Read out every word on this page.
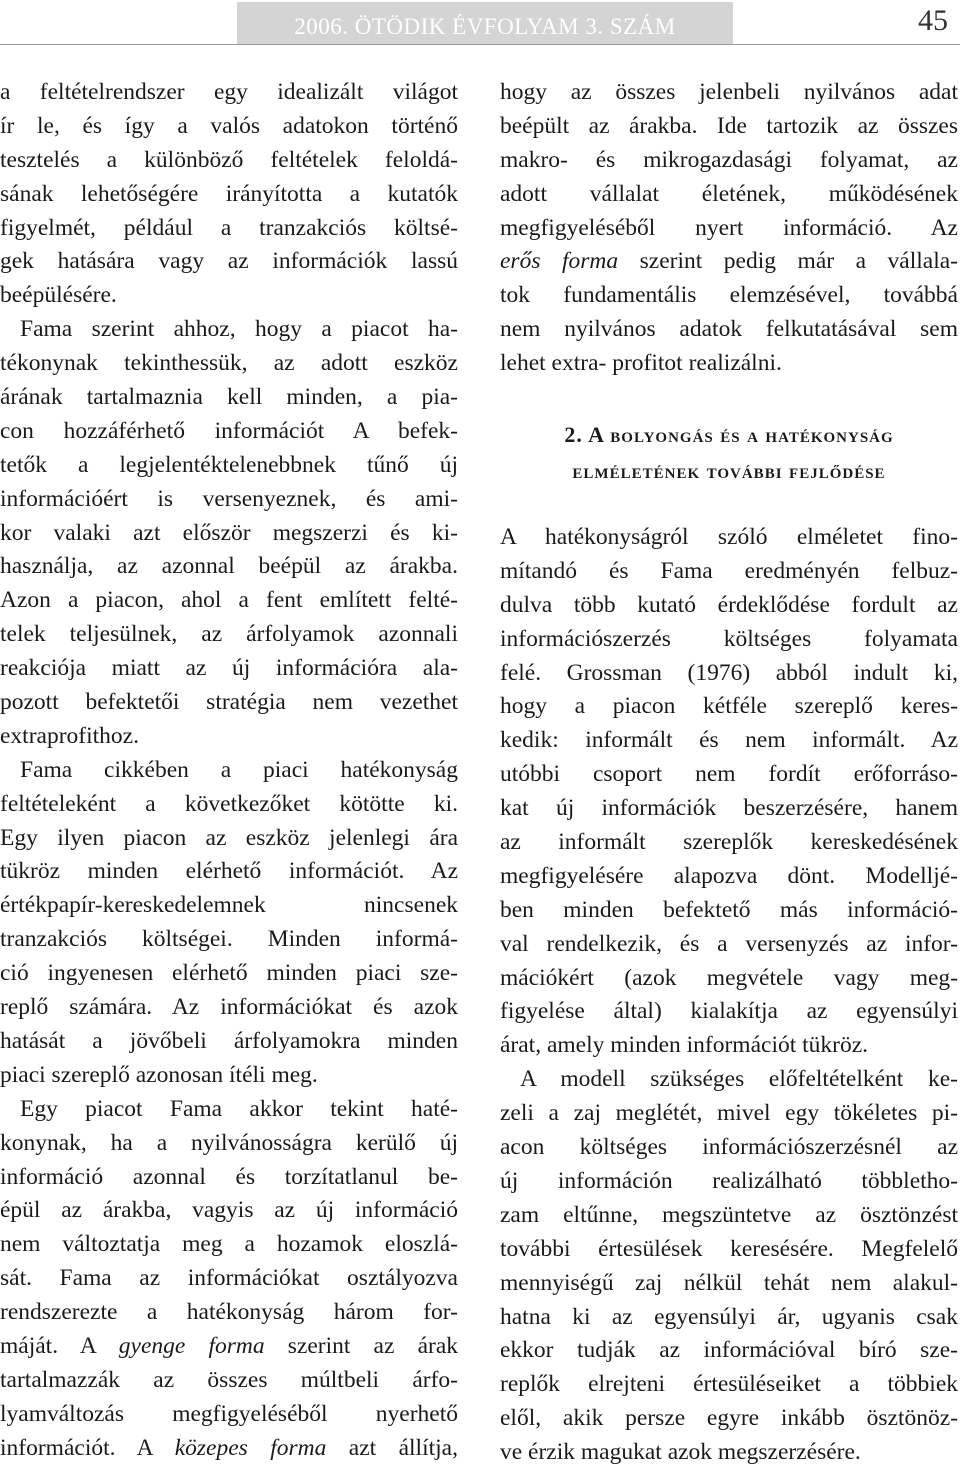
2006. ÖTÖDIK ÉVFOLYAM 3. SZÁM	45
a feltételrendszer egy idealizált világot
ír le, és így a valós adatokon történő
tesztelés a különböző feltételek feloldá-
sának lehetőségére irányította a kutatók
figyelmét, például a tranzakciós költsé-
gek hatására vagy az információk lassú
beépülésére.
Fama szerint ahhoz, hogy a piacot ha-
tékonynak tekinthessük, az adott eszköz
árának tartalmaznia kell minden, a pia-
con hozzáférhető információt A befek-
tetők a legjelentéktelenebbnek tűnő új
információért is versenyeznek, és ami-
kor valaki azt először megszerzi és ki-
használja, az azonnal beépül az árakba.
Azon a piacon, ahol a fent említett felté-
telek teljesülnek, az árfolyamok azonnali
reakciója miatt az új információra ala-
pozott befektetői stratégia nem vezethet
extraprofithoz.
Fama cikkében a piaci hatékonyság
feltételeként a következőket kötötte ki.
Egy ilyen piacon az eszköz jelenlegi ára
tükröz minden elérhető információt. Az
értékpapír-kereskedelemnek nincsenek
tranzakciós költségei. Minden informá-
ció ingyenesen elérhető minden piaci sze-
replő számára. Az információkat és azok
hatását a jövőbeli árfolyamokra minden
piaci szereplő azonosan ítéli meg.
Egy piacot Fama akkor tekint haté-
konynak, ha a nyilvánosságra kerülő új
információ azonnal és torzítatlanul be-
épül az árakba, vagyis az új információ
nem változtatja meg a hozamok eloszlá-
sát. Fama az információkat osztályozva
rendszerezte a hatékonyság három for-
máját. A gyenge forma szerint az árak
tartalmazzák az összes múltbeli árfo-
lyamváltozás megfigyeléséből nyerhető
információt. A közepes forma azt állítja,
hogy az összes jelenbeli nyilvános adat
beépült az árakba. Ide tartozik az összes
makro- és mikrogazdasági folyamat, az
adott vállalat életének, működésének
megfigyeléséből nyert információ. Az
erős forma szerint pedig már a vállala-
tok fundamentális elemzésével, továbbá
nem nyilvános adatok felkutatásával sem
lehet extra- profitot realizálni.
2. A bolyongás és a hatékonyság
elméletének további fejlődése
A hatékonyságról szóló elméletet fino-
mítandó és Fama eredményén felbuz-
dulva több kutató érdeklődése fordult az
információszerzés költséges folyamata
felé. Grossman (1976) abból indult ki,
hogy a piacon kétféle szereplő keres-
kedik: informált és nem informált. Az
utóbbi csoport nem fordít erőforráso-
kat új információk beszerzésére, hanem
az informált szereplők kereskedésének
megfigyelésére alapozva dönt. Modelljé-
ben minden befektető más információ-
val rendelkezik, és a versenyzés az infor-
mációkért (azok megvétele vagy meg-
figyelése által) kialakítja az egyensúlyi
árat, amely minden információt tükröz.
A modell szükséges előfeltételként ke-
zeli a zaj meglétét, mivel egy tökéletes pi-
acon költséges információszerzésnél az
új információn realizálható többletho-
zam eltűnne, megszüntetve az ösztönzést
további értesülések keresésére. Megfelelő
mennyiségű zaj nélkül tehát nem alakul-
hatna ki az egyensúlyi ár, ugyanis csak
ekkor tudják az információval bíró sze-
replők elrejteni értesüléseiket a többiek
elől, akik persze egyre inkább ösztönöz-
ve érzik magukat azok megszerzésére.
